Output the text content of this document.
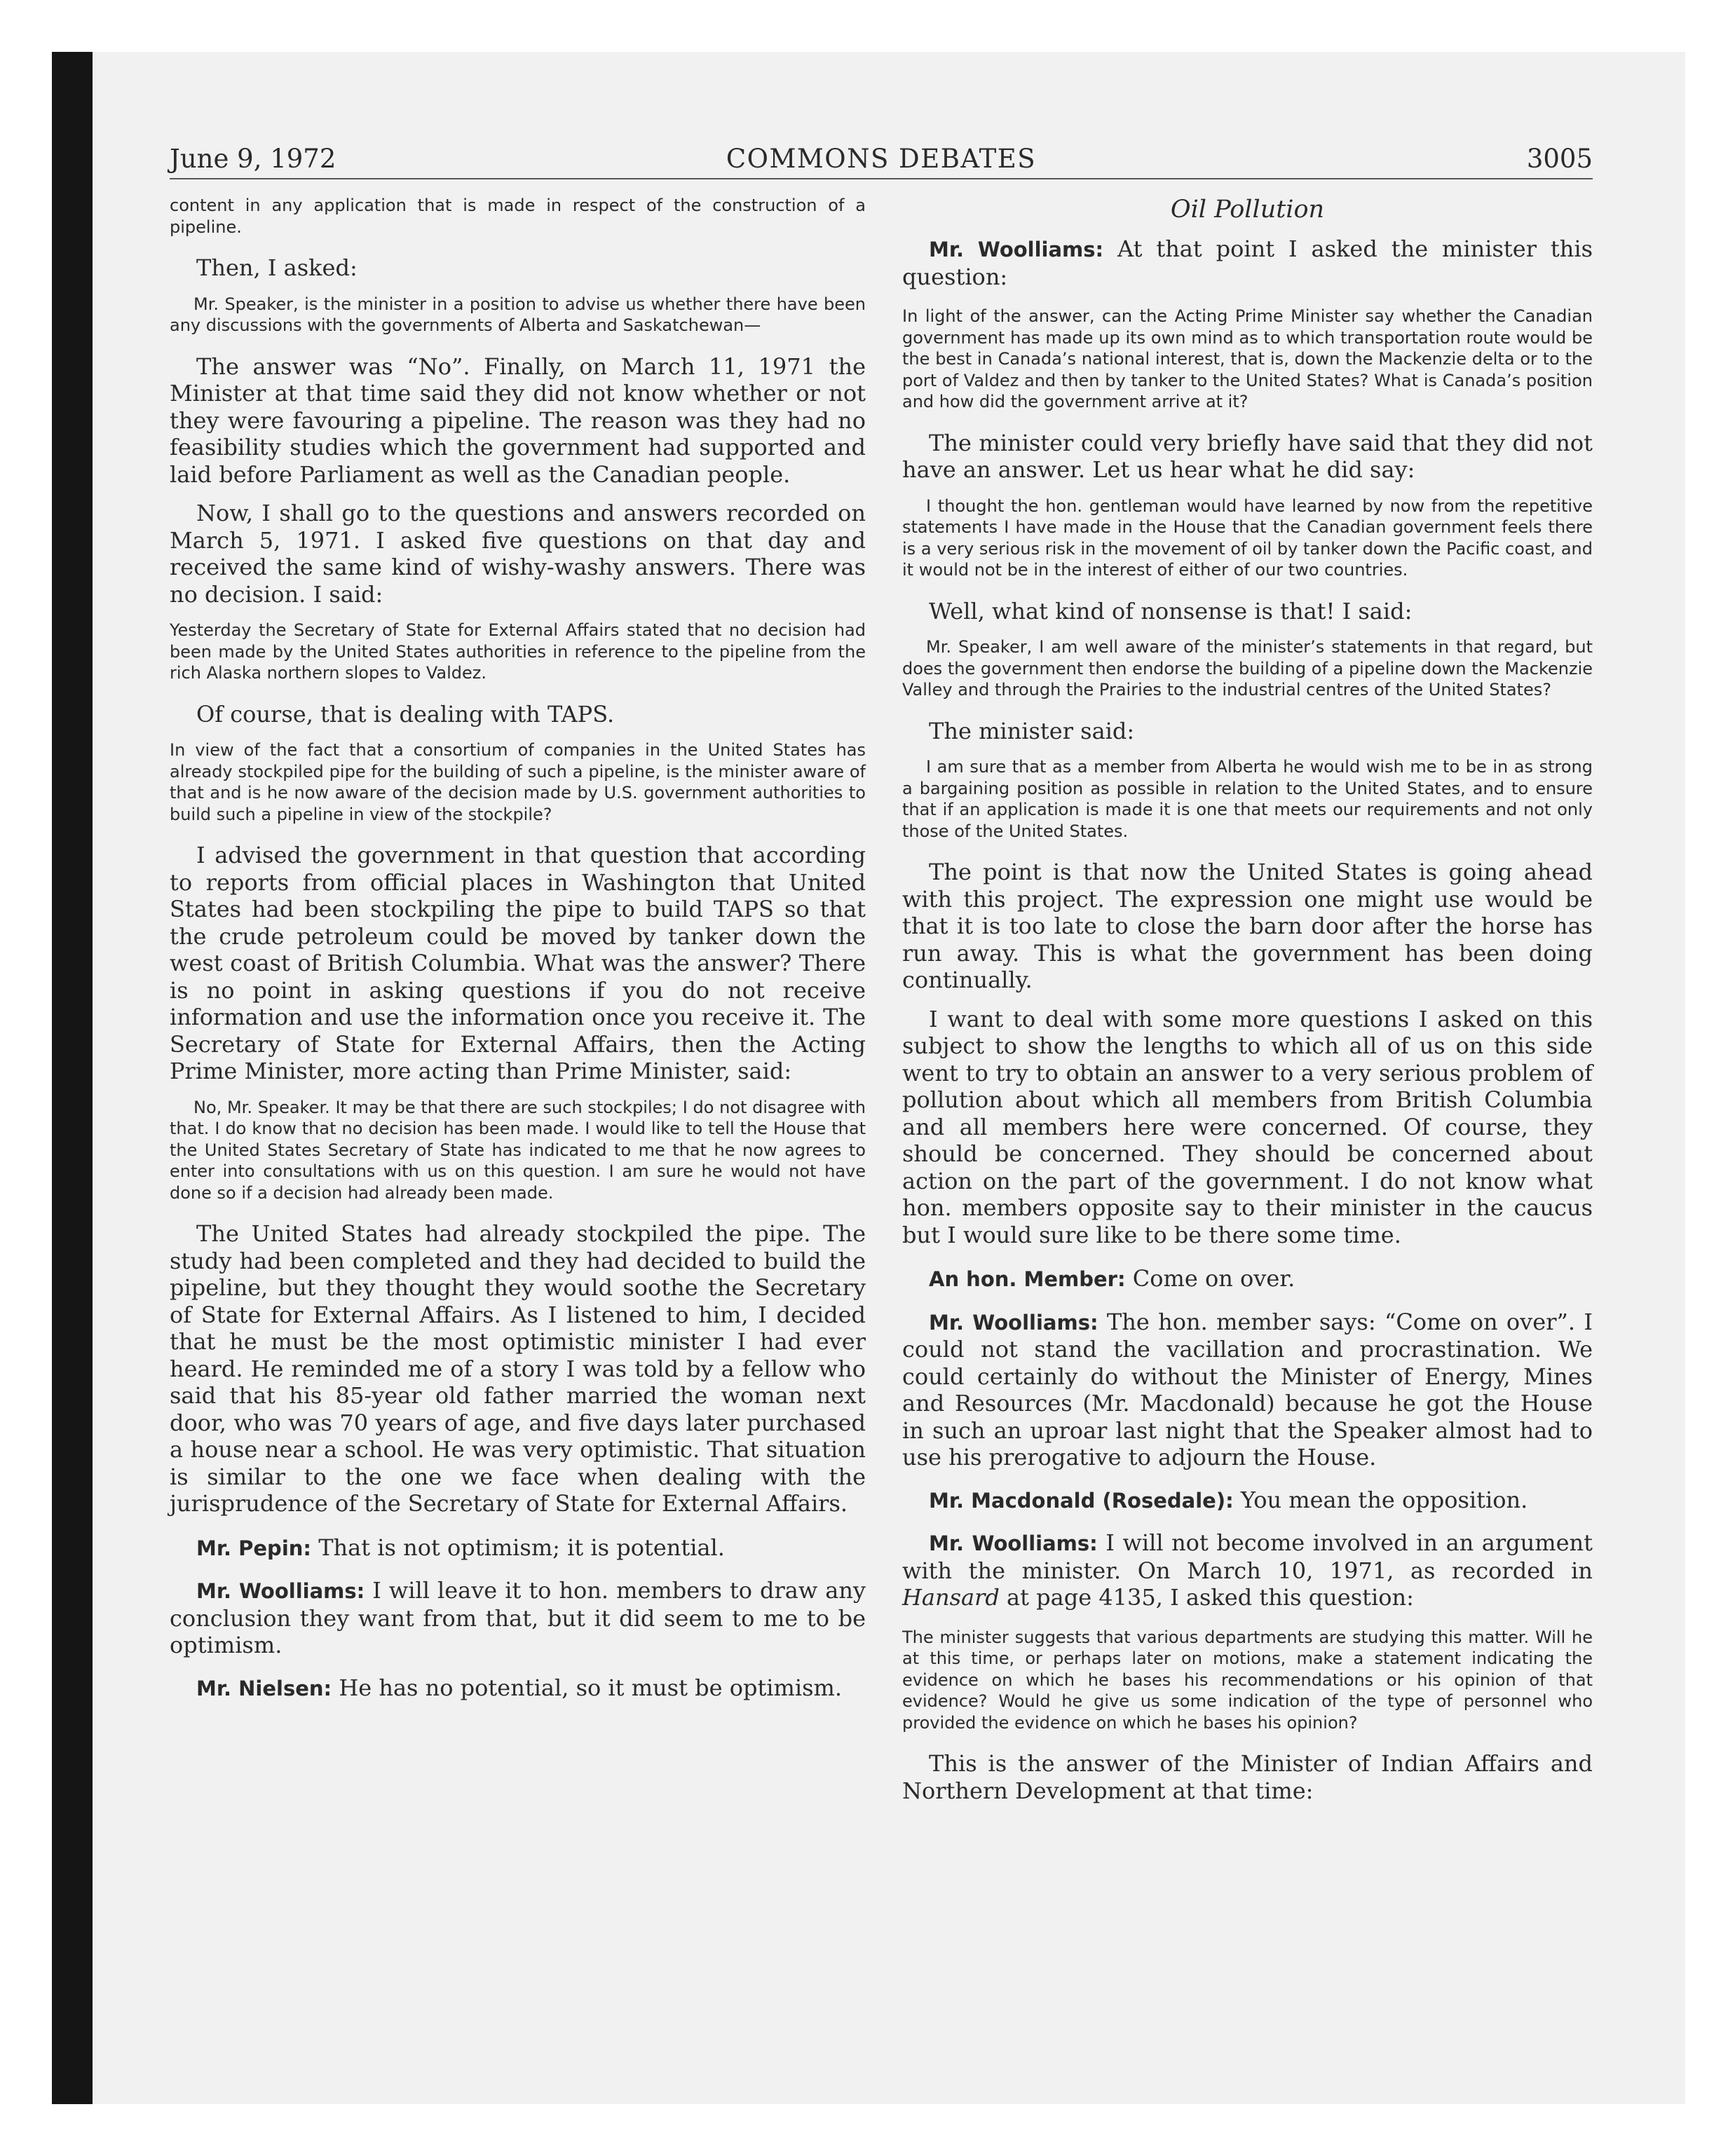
June 9, 1972	COMMONS DEBATES	3005

content in any application that is made in respect of the construction of a pipeline.

Then, I asked:

Mr. Speaker, is the minister in a position to advise us whether there have been any discussions with the governments of Alberta and Saskatchewan—

The answer was “No”. Finally, on March 11, 1971 the Minister at that time said they did not know whether or not they were favouring a pipeline. The reason was they had no feasibility studies which the government had supported and laid before Parliament as well as the Canadian people.

Now, I shall go to the questions and answers recorded on March 5, 1971. I asked five questions on that day and received the same kind of wishy-washy answers. There was no decision. I said:

Yesterday the Secretary of State for External Affairs stated that no decision had been made by the United States authorities in reference to the pipeline from the rich Alaska northern slopes to Valdez.

Of course, that is dealing with TAPS.

In view of the fact that a consortium of companies in the United States has already stockpiled pipe for the building of such a pipeline, is the minister aware of that and is he now aware of the decision made by U.S. government authorities to build such a pipeline in view of the stockpile?

I advised the government in that question that according to reports from official places in Washington that United States had been stockpiling the pipe to build TAPS so that the crude petroleum could be moved by tanker down the west coast of British Columbia. What was the answer? There is no point in asking questions if you do not receive information and use the information once you receive it. The Secretary of State for External Affairs, then the Acting Prime Minister, more acting than Prime Minister, said:

No, Mr. Speaker. It may be that there are such stockpiles; I do not disagree with that. I do know that no decision has been made. I would like to tell the House that the United States Secretary of State has indicated to me that he now agrees to enter into consultations with us on this question. I am sure he would not have done so if a decision had already been made.

The United States had already stockpiled the pipe. The study had been completed and they had decided to build the pipeline, but they thought they would soothe the Secretary of State for External Affairs. As I listened to him, I decided that he must be the most optimistic minister I had ever heard. He reminded me of a story I was told by a fellow who said that his 85-year old father married the woman next door, who was 70 years of age, and five days later purchased a house near a school. He was very optimistic. That situation is similar to the one we face when dealing with the jurisprudence of the Secretary of State for External Affairs.

Mr. Pepin: That is not optimism; it is potential.

Mr. Woolliams: I will leave it to hon. members to draw any conclusion they want from that, but it did seem to me to be optimism.

Mr. Nielsen: He has no potential, so it must be optimism.

Oil Pollution

Mr. Woolliams: At that point I asked the minister this question:

In light of the answer, can the Acting Prime Minister say whether the Canadian government has made up its own mind as to which transportation route would be the best in Canada’s national interest, that is, down the Mackenzie delta or to the port of Valdez and then by tanker to the United States? What is Canada’s position and how did the government arrive at it?

The minister could very briefly have said that they did not have an answer. Let us hear what he did say:

I thought the hon. gentleman would have learned by now from the repetitive statements I have made in the House that the Canadian government feels there is a very serious risk in the movement of oil by tanker down the Pacific coast, and it would not be in the interest of either of our two countries.

Well, what kind of nonsense is that! I said:

Mr. Speaker, I am well aware of the minister’s statements in that regard, but does the government then endorse the building of a pipeline down the Mackenzie Valley and through the Prairies to the industrial centres of the United States?

The minister said:

I am sure that as a member from Alberta he would wish me to be in as strong a bargaining position as possible in relation to the United States, and to ensure that if an application is made it is one that meets our requirements and not only those of the United States.

The point is that now the United States is going ahead with this project. The expression one might use would be that it is too late to close the barn door after the horse has run away. This is what the government has been doing continually.

I want to deal with some more questions I asked on this subject to show the lengths to which all of us on this side went to try to obtain an answer to a very serious problem of pollution about which all members from British Columbia and all members here were concerned. Of course, they should be concerned. They should be concerned about action on the part of the government. I do not know what hon. members opposite say to their minister in the caucus but I would sure like to be there some time.

An hon. Member: Come on over.

Mr. Woolliams: The hon. member says: “Come on over”. I could not stand the vacillation and procrastination. We could certainly do without the Minister of Energy, Mines and Resources (Mr. Macdonald) because he got the House in such an uproar last night that the Speaker almost had to use his prerogative to adjourn the House.

Mr. Macdonald (Rosedale): You mean the opposition.

Mr. Woolliams: I will not become involved in an argument with the minister. On March 10, 1971, as recorded in Hansard at page 4135, I asked this question:

The minister suggests that various departments are studying this matter. Will he at this time, or perhaps later on motions, make a statement indicating the evidence on which he bases his recommendations or his opinion of that evidence? Would he give us some indication of the type of personnel who provided the evidence on which he bases his opinion?

This is the answer of the Minister of Indian Affairs and Northern Development at that time:
